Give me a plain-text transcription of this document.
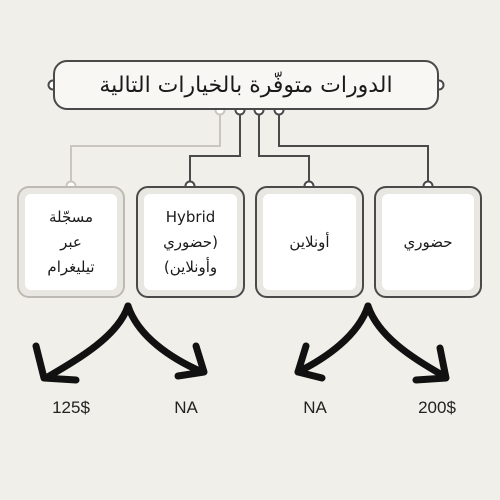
الدورات متوفّرة بالخيارات التالية
مسجّلة
عبر
تيليغرام
Hybrid
حضوري)
(وأونلاين
أونلاين	حضوري
125$	NA	NA	200$
